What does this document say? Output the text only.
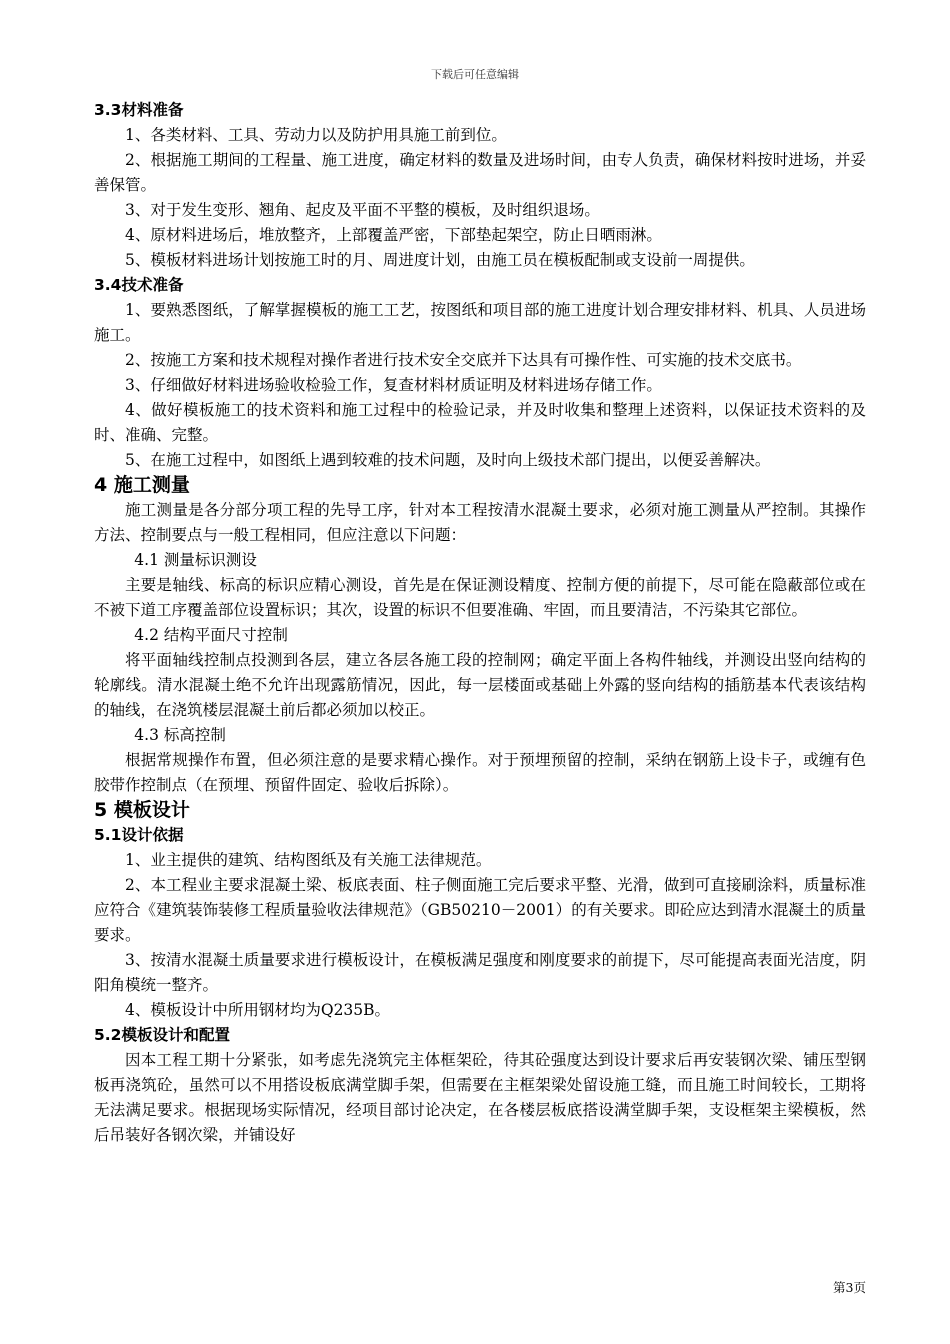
下载后可任意编辑
3.3材料准备
1、各类材料、工具、劳动力以及防护用具施工前到位。
2、根据施工期间的工程量、施工进度，确定材料的数量及进场时间，由专人负责，确保材料按时进场，并妥善保管。
3、对于发生变形、翘角、起皮及平面不平整的模板，及时组织退场。
4、原材料进场后，堆放整齐，上部覆盖严密，下部垫起架空，防止日晒雨淋。
5、模板材料进场计划按施工时的月、周进度计划，由施工员在模板配制或支设前一周提供。
3.4技术准备
1、要熟悉图纸，了解掌握模板的施工工艺，按图纸和项目部的施工进度计划合理安排材料、机具、人员进场施工。
2、按施工方案和技术规程对操作者进行技术安全交底并下达具有可操作性、可实施的技术交底书。
3、仔细做好材料进场验收检验工作，复查材料材质证明及材料进场存储工作。
4、做好模板施工的技术资料和施工过程中的检验记录，并及时收集和整理上述资料，以保证技术资料的及时、准确、完整。
5、在施工过程中，如图纸上遇到较难的技术问题，及时向上级技术部门提出，以便妥善解决。
4 施工测量
施工测量是各分部分项工程的先导工序，针对本工程按清水混凝土要求，必须对施工测量从严控制。其操作方法、控制要点与一般工程相同，但应注意以下问题：
4.1 测量标识测设
主要是轴线、标高的标识应精心测设，首先是在保证测设精度、控制方便的前提下，尽可能在隐蔽部位或在不被下道工序覆盖部位设置标识；其次，设置的标识不但要准确、牢固，而且要清洁，不污染其它部位。
4.2 结构平面尺寸控制
将平面轴线控制点投测到各层，建立各层各施工段的控制网；确定平面上各构件轴线，并测设出竖向结构的轮廓线。清水混凝土绝不允许出现露筋情况，因此，每一层楼面或基础上外露的竖向结构的插筋基本代表该结构的轴线，在浇筑楼层混凝土前后都必须加以校正。
4.3 标高控制
根据常规操作布置，但必须注意的是要求精心操作。对于预埋预留的控制，采纳在钢筋上设卡子，或缠有色胶带作控制点（在预埋、预留件固定、验收后拆除）。
5 模板设计
5.1设计依据
1、业主提供的建筑、结构图纸及有关施工法律规范。
2、本工程业主要求混凝土梁、板底表面、柱子侧面施工完后要求平整、光滑，做到可直接刷涂料，质量标准应符合《建筑装饰装修工程质量验收法律规范》（GB50210－2001）的有关要求。即砼应达到清水混凝土的质量要求。
3、按清水混凝土质量要求进行模板设计，在模板满足强度和刚度要求的前提下，尽可能提高表面光洁度，阴阳角模统一整齐。
4、模板设计中所用钢材均为Q235B。
5.2模板设计和配置
因本工程工期十分紧张，如考虑先浇筑完主体框架砼，待其砼强度达到设计要求后再安装钢次梁、铺压型钢板再浇筑砼，虽然可以不用搭设板底满堂脚手架，但需要在主框架梁处留设施工缝，而且施工时间较长，工期将无法满足要求。根据现场实际情况，经项目部讨论决定，在各楼层板底搭设满堂脚手架，支设框架主梁模板，然后吊装好各钢次梁，并铺设好
第3页
